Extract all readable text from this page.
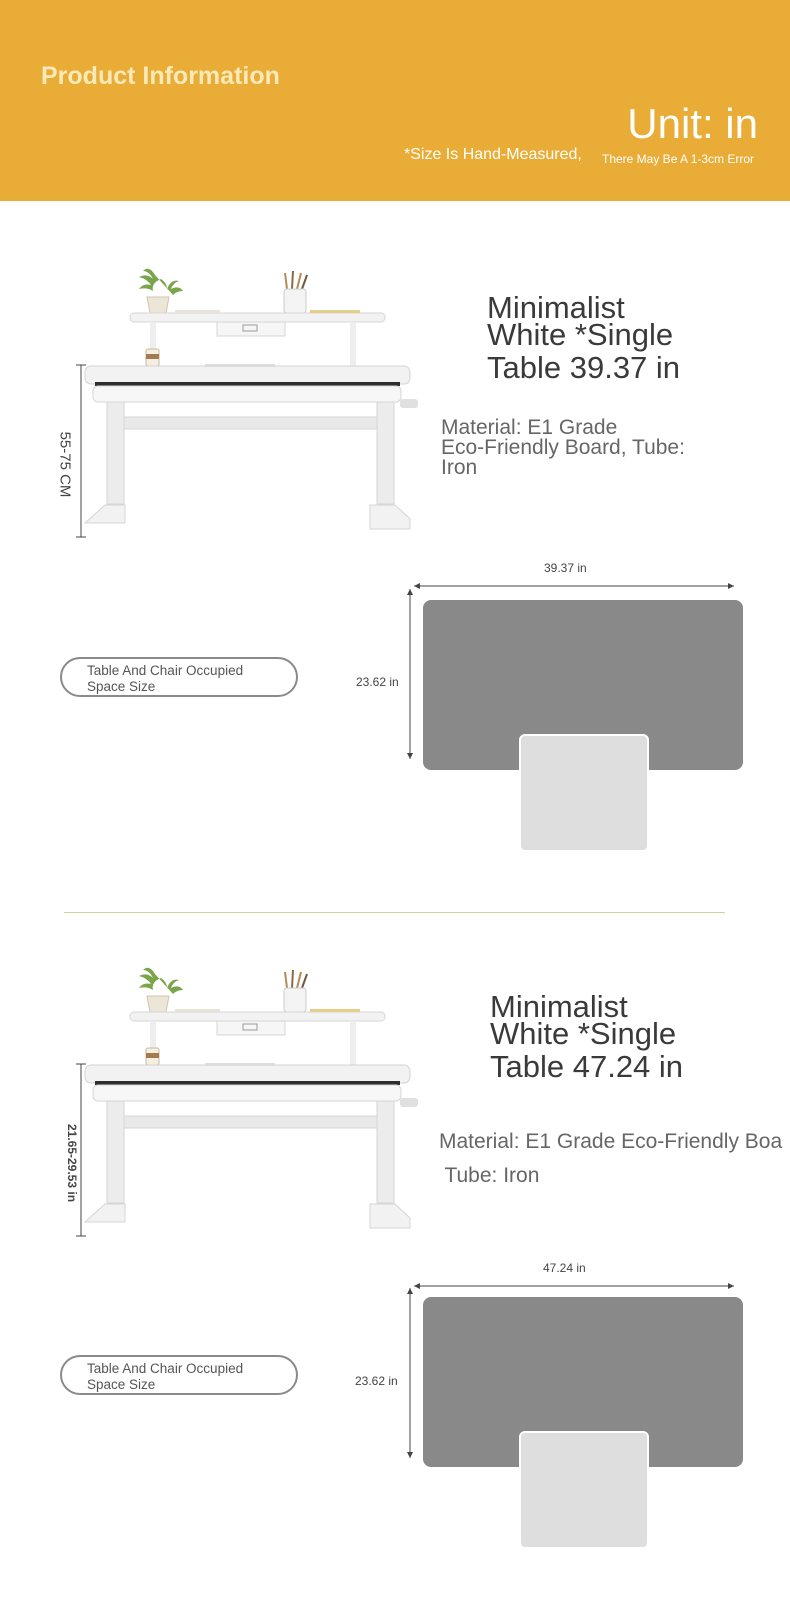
Product Information
Unit: in
*Size Is Hand-Measured, There May Be A 1-3cm Error
55-75 CM
Minimalist
White *Single
Table 39.37 in
Material: E1 Grade
Eco-Friendly Board, Tube:
Iron
39.37 in
23.62 in
Table And Chair Occupied
Space Size
21.65-29.53 in
Minimalist
White *Single
Table 47.24 in
Material: E1 Grade Eco-Friendly Boa
Tube: Iron
47.24 in
23.62 in
Table And Chair Occupied
Space Size
